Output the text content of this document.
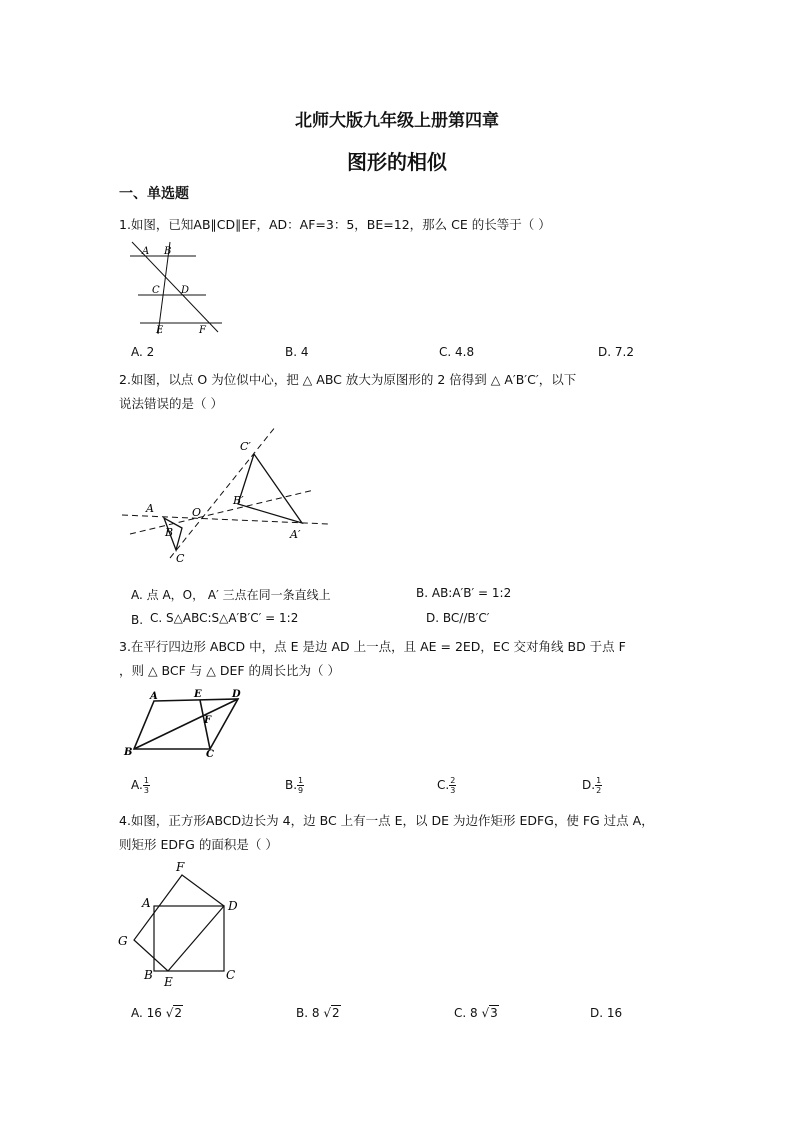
北师大版九年级上册第四章
图形的相似
一、单选题
1.如图，已知AB∥CD∥EF，AD：AF=3：5，BE=12，那么 CE 的长等于（ ）
A B
C D
E	F
A. 2	B. 4	C. 4.8	D. 7.2
2.如图，以点 O 为位似中心，把 △ ABC 放大为原图形的 2 倍得到 △ A′B′C′，以下
说法错误的是（ ）
C′
B′
A′
A	O
B
C
A. 点 A，O， A′ 三点在同一条直线上	B. AB:A′B′ = 1:2
B. C. S△ABC:S△A′B′C′ = 1:2	D. BC//B′C′
3.在平行四边形 ABCD 中，点 E 是边 AD 上一点，且 AE = 2ED，EC 交对角线 BD 于点 F
，则 △ BCF 与 △ DEF 的周长比为（ ）
A	E	D
F
B	C
A. $\frac{1}{3}$	B. $\frac{1}{9}$	C. $\frac{2}{3}$	D. $\frac{1}{2}$
4.如图，正方形ABCD边长为 4，边 BC 上有一点 E，以 DE 为边作矩形 EDFG，使 FG 过点 A，
则矩形 EDFG 的面积是（ ）
F
A	D
G
B E	C
A. 16 √2	B. 8 √2	C. 8 √3	D. 16
